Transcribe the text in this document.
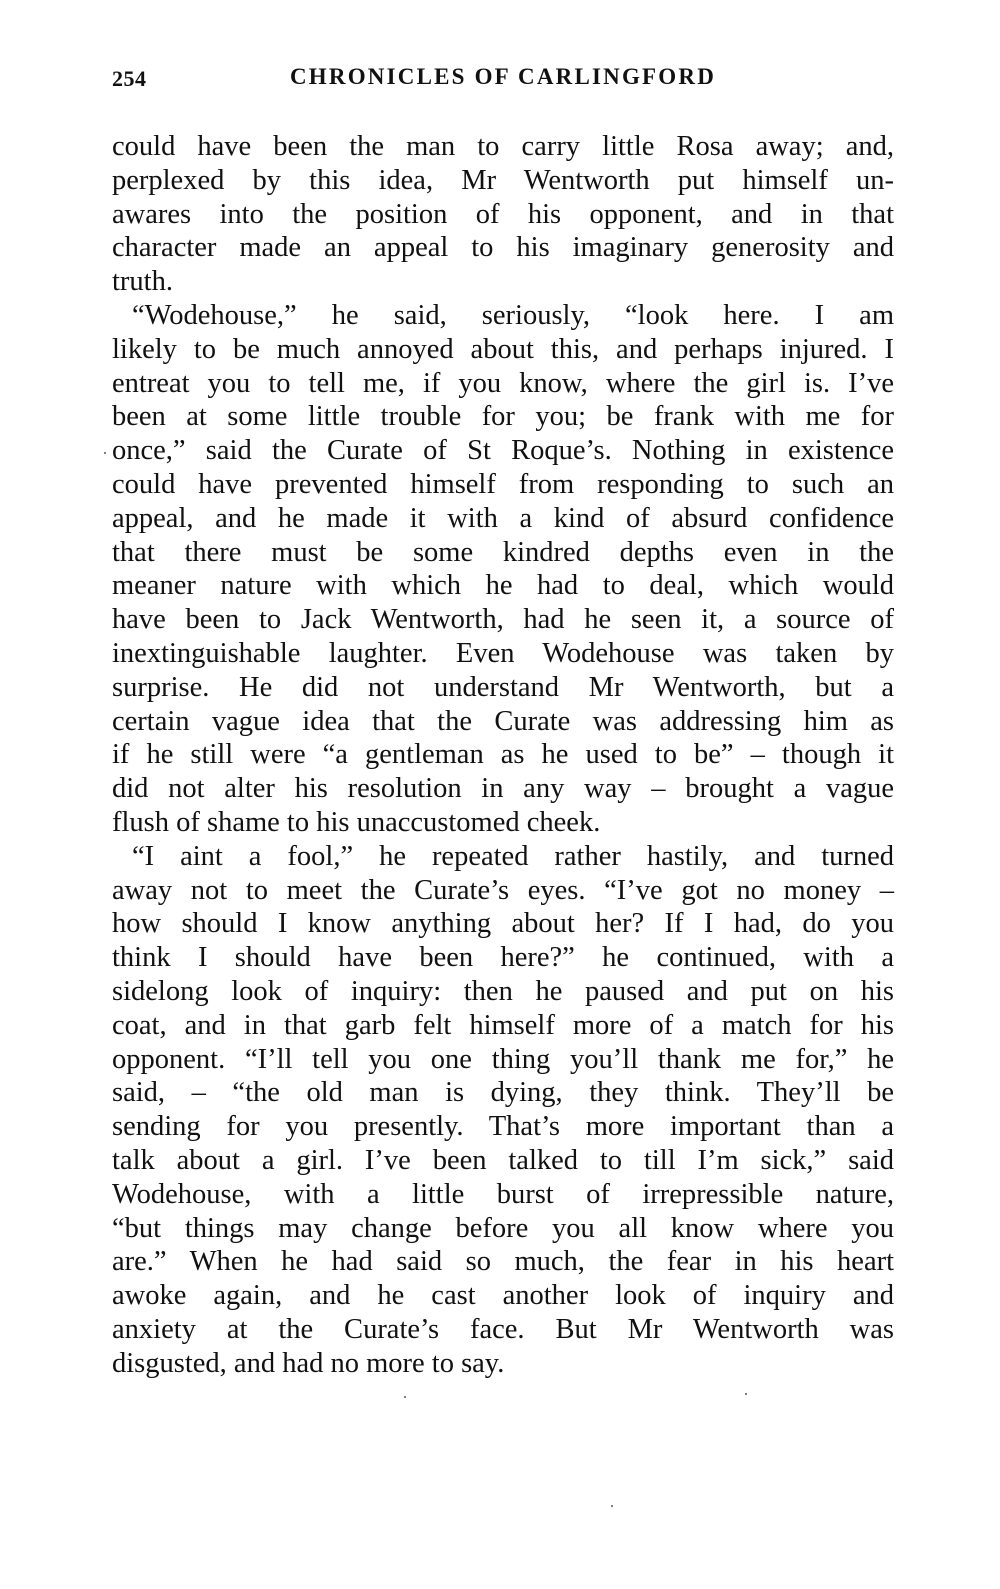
254	CHRONICLES OF CARLINGFORD
could have been the man to carry little Rosa away; and,
perplexed by this idea, Mr Wentworth put himself un-
awares into the position of his opponent, and in that
character made an appeal to his imaginary generosity and
truth.
“Wodehouse,” he said, seriously, “look here. I am
likely to be much annoyed about this, and perhaps injured. I
entreat you to tell me, if you know, where the girl is. I’ve
been at some little trouble for you; be frank with me for
once,” said the Curate of St Roque’s. Nothing in existence
could have prevented himself from responding to such an
appeal, and he made it with a kind of absurd confidence
that there must be some kindred depths even in the
meaner nature with which he had to deal, which would
have been to Jack Wentworth, had he seen it, a source of
inextinguishable laughter. Even Wodehouse was taken by
surprise. He did not understand Mr Wentworth, but a
certain vague idea that the Curate was addressing him as
if he still were “a gentleman as he used to be” – though it
did not alter his resolution in any way – brought a vague
flush of shame to his unaccustomed cheek.
“I aint a fool,” he repeated rather hastily, and turned
away not to meet the Curate’s eyes. “I’ve got no money –
how should I know anything about her? If I had, do you
think I should have been here?” he continued, with a
sidelong look of inquiry: then he paused and put on his
coat, and in that garb felt himself more of a match for his
opponent. “I’ll tell you one thing you’ll thank me for,” he
said, – “the old man is dying, they think. They’ll be
sending for you presently. That’s more important than a
talk about a girl. I’ve been talked to till I’m sick,” said
Wodehouse, with a little burst of irrepressible nature,
“but things may change before you all know where you
are.” When he had said so much, the fear in his heart
awoke again, and he cast another look of inquiry and
anxiety at the Curate’s face. But Mr Wentworth was
disgusted, and had no more to say.
